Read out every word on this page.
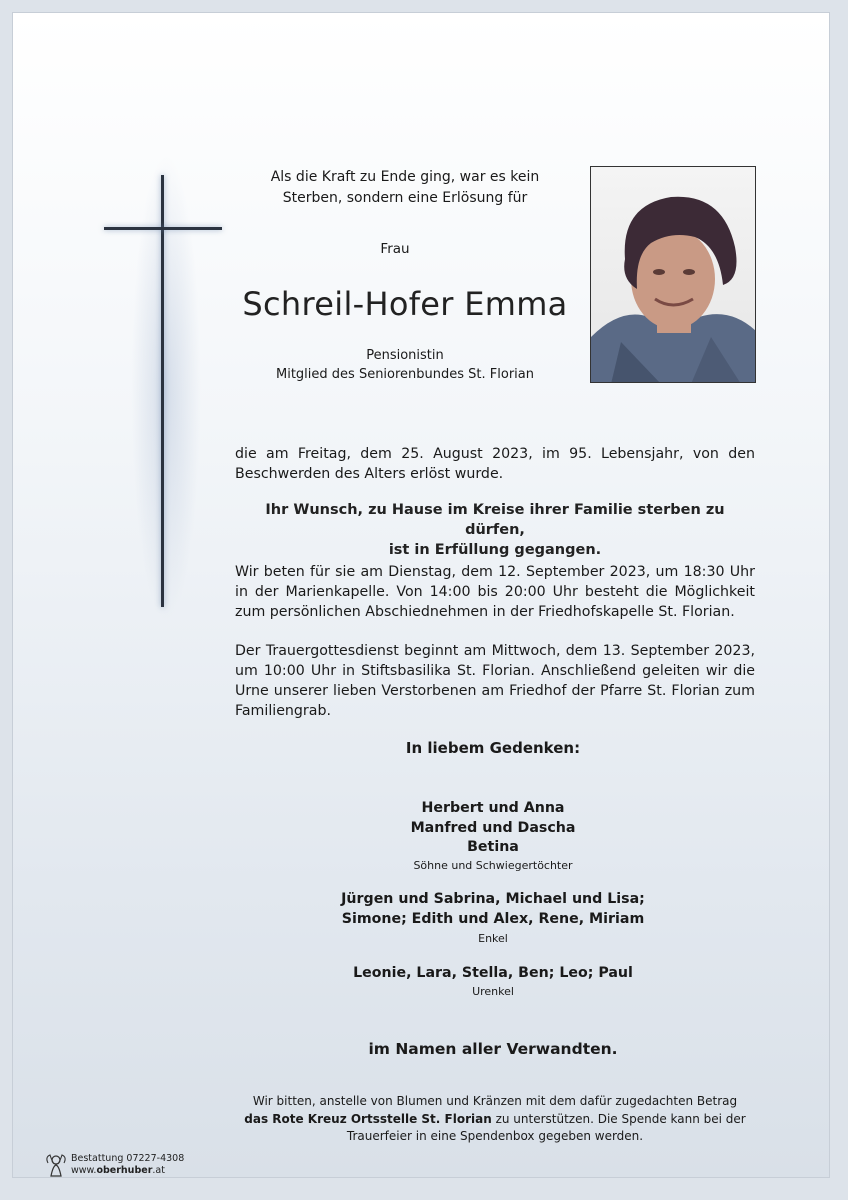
Als die Kraft zu Ende ging, war es kein
Sterben, sondern eine Erlösung für
Frau
Schreil-Hofer Emma
Pensionistin
Mitglied des Seniorenbundes St. Florian
die am Freitag, dem 25. August 2023, im 95. Lebensjahr, von den Beschwerden des Alters erlöst wurde.
Ihr Wunsch, zu Hause im Kreise ihrer Familie sterben zu dürfen,
ist in Erfüllung gegangen.
Wir beten für sie am Dienstag, dem 12. September 2023, um 18:30 Uhr in der Marienkapelle. Von 14:00 bis 20:00 Uhr besteht die Möglichkeit zum persönlichen Abschiednehmen in der Friedhofskapelle St. Florian.
Der Trauergottesdienst beginnt am Mittwoch, dem 13. September 2023, um 10:00 Uhr in Stiftsbasilika St. Florian. Anschließend geleiten wir die Urne unserer lieben Verstorbenen am Friedhof der Pfarre St. Florian zum Familiengrab.
In liebem Gedenken:
Herbert und Anna
Manfred und Dascha
Betina
Söhne und Schwiegertöchter
Jürgen und Sabrina, Michael und Lisa;
Simone; Edith und Alex, Rene, Miriam
Enkel
Leonie, Lara, Stella, Ben; Leo; Paul
Urenkel
im Namen aller Verwandten.
Wir bitten, anstelle von Blumen und Kränzen mit dem dafür zugedachten Betrag
das Rote Kreuz Ortsstelle St. Florian zu unterstützen. Die Spende kann bei der
Trauerfeier in eine Spendenbox gegeben werden.
Bestattung 07227-4308
www.oberhuber.at
